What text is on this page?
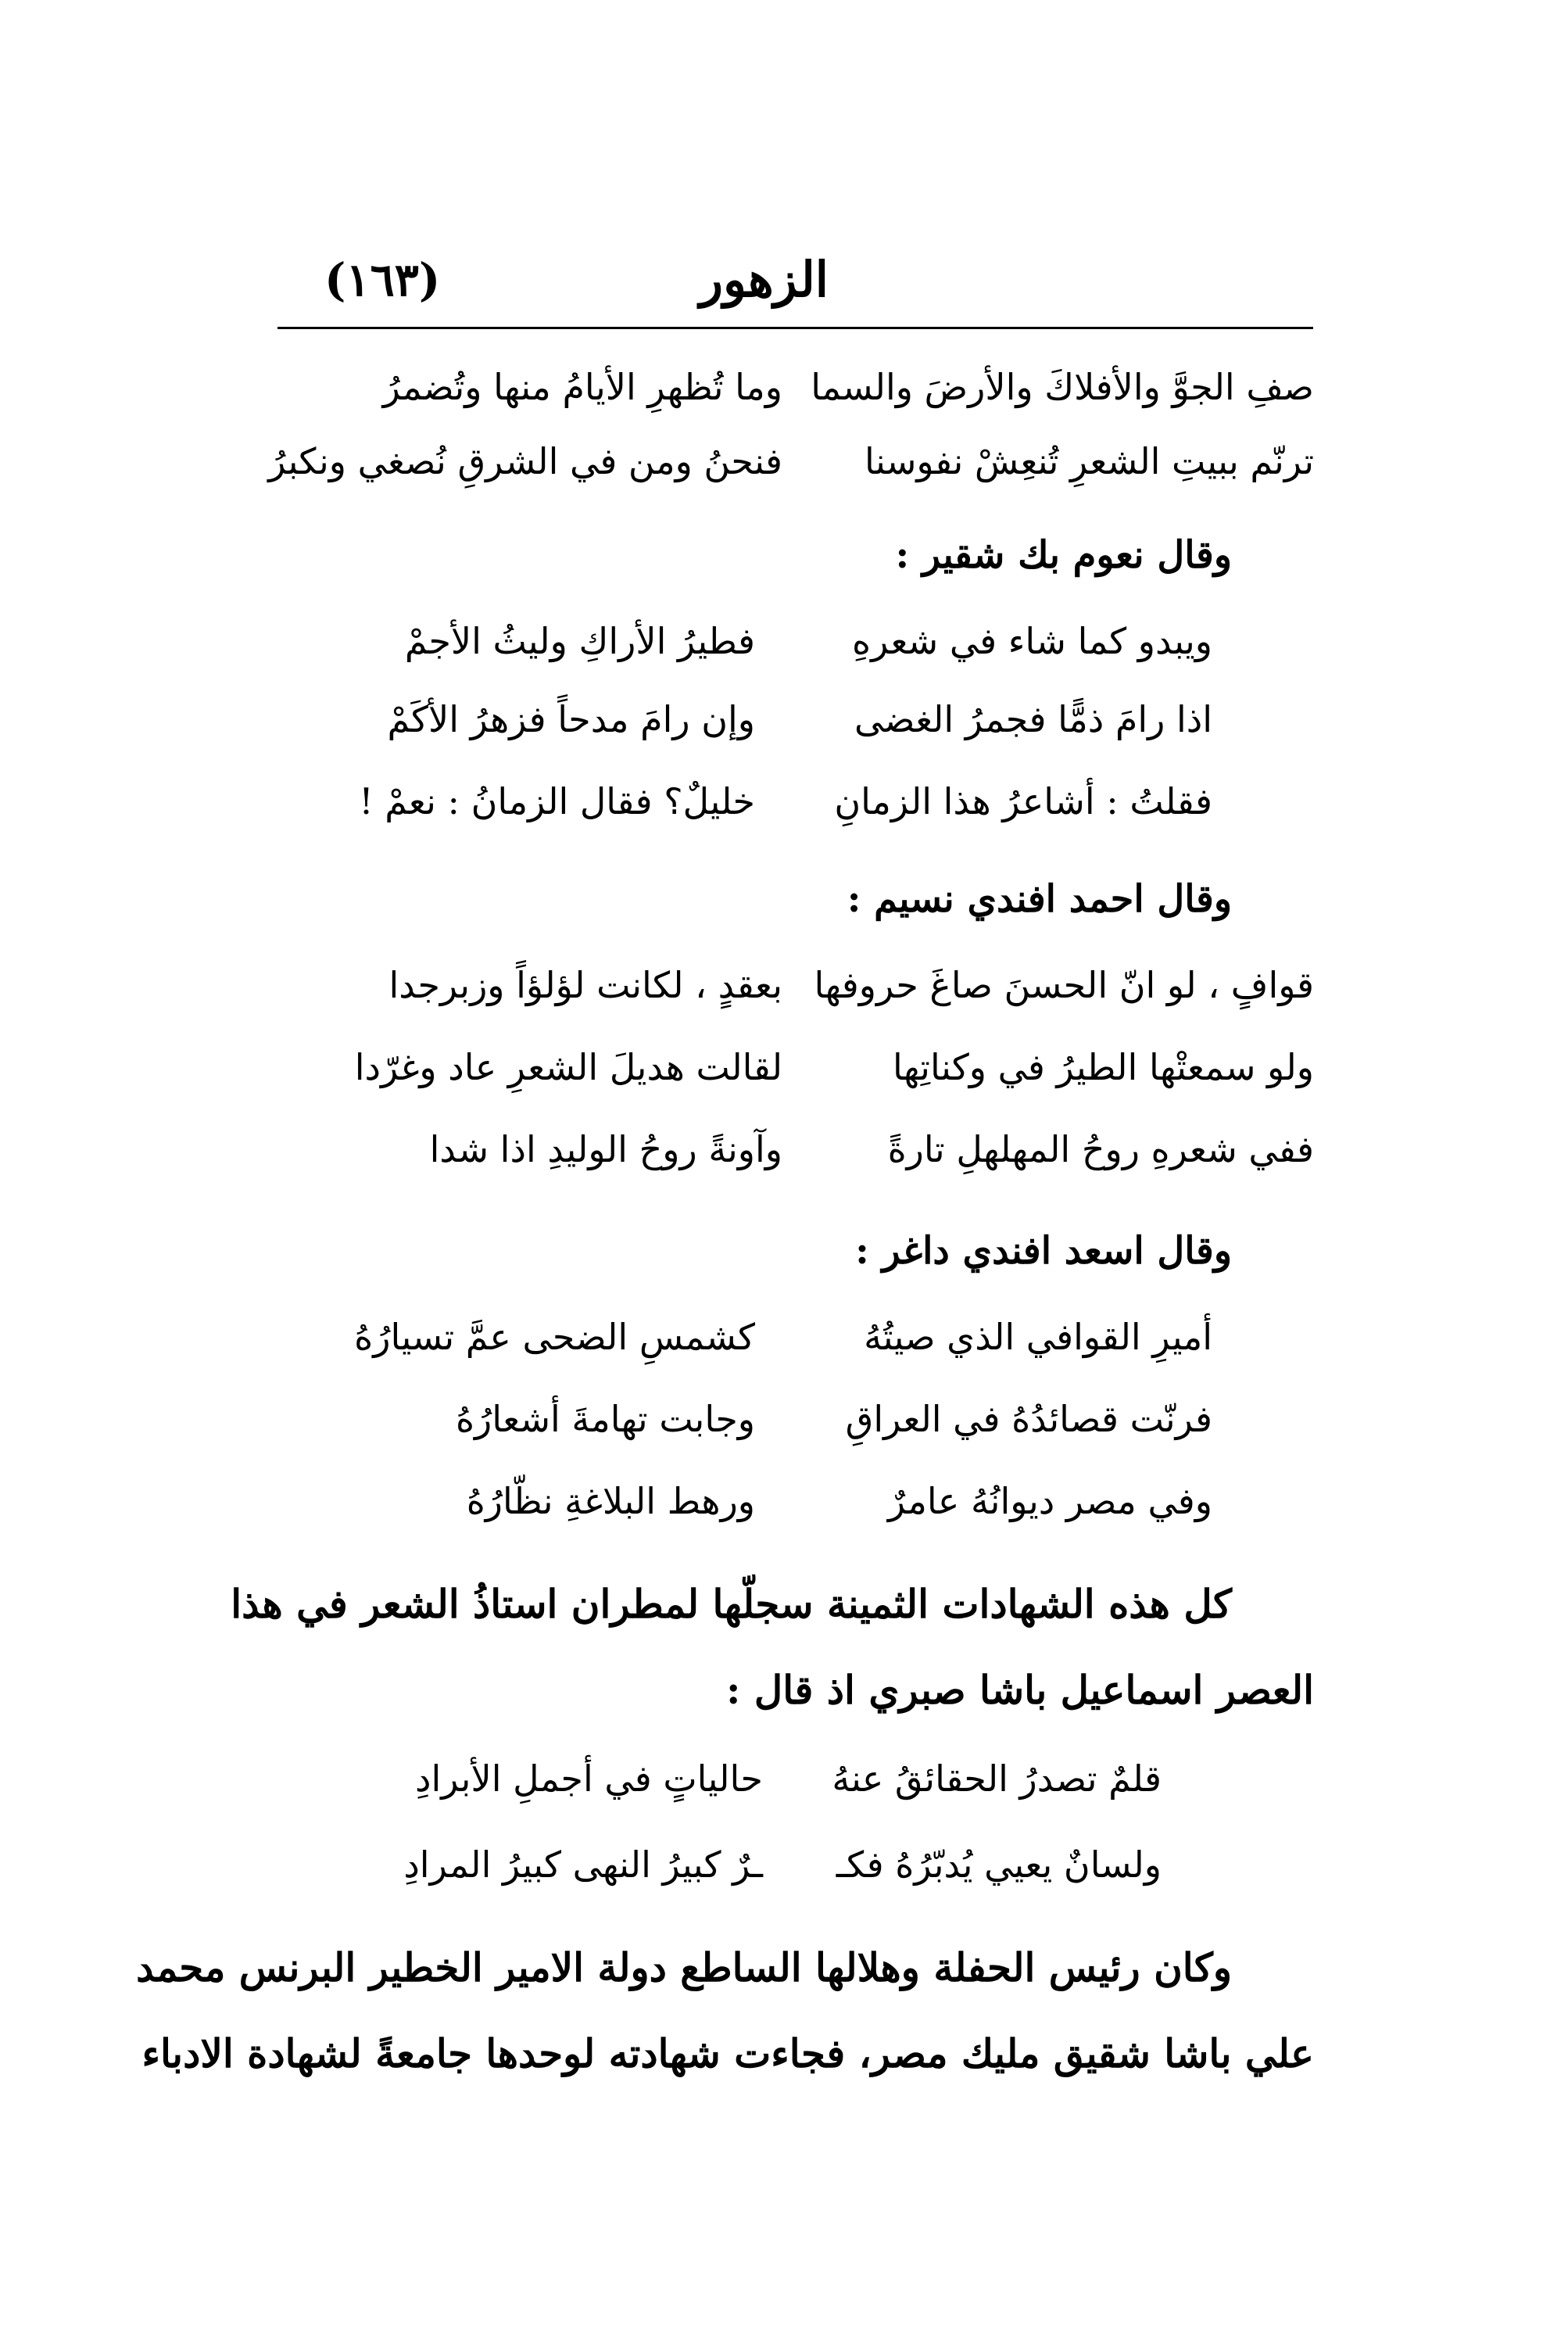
الزهور
(١٦٣)
صفِ الجوَّ والأفلاكَ والأرضَ والسما
وما تُظهرِ الأيامُ منها وتُضمرُ
ترنّم ببيتِ الشعرِ تُنعِشْ نفوسنا
فنحنُ ومن في الشرقِ نُصغي ونكبرُ
وقال نعوم بك شقير :
ويبدو كما شاء في شعرهِ
فطيرُ الأراكِ وليثُ الأجمْ
اذا رامَ ذمًّا فجمرُ الغضى
وإن رامَ مدحاً فزهرُ الأكَمْ
فقلتُ : أشاعرُ هذا الزمانِ
خليلٌ؟ فقال الزمانُ : نعمْ !
وقال احمد افندي نسيم :
قوافٍ ، لو انّ الحسنَ صاغَ حروفها
بعقدٍ ، لكانت لؤلؤاً وزبرجدا
ولو سمعتْها الطيرُ في وكناتِها
لقالت هديلَ الشعرِ عاد وغرّدا
ففي شعرهِ روحُ المهلهلِ تارةً
وآونةً روحُ الوليدِ اذا شدا
وقال اسعد افندي داغر :
أميرِ القوافي الذي صيتُهُ
كشمسِ الضحى عمَّ تسيارُهُ
فرنّت قصائدُهُ في العراقِ
وجابت تهامةَ أشعارُهُ
وفي مصر ديوانُهُ عامرٌ
ورهط البلاغةِ نظّارُهُ
كل هذه الشهادات الثمينة سجلّها لمطران استاذُ الشعر في هذا
العصر اسماعيل باشا صبري اذ قال :
قلمٌ تصدرُ الحقائقُ عنهُ
حالياتٍ في أجملِ الأبرادِ
ولسانٌ يعيي يُدبّرُهُ فكـ
ـرٌ كبيرُ النهى كبيرُ المرادِ
وكان رئيس الحفلة وهلالها الساطع دولة الامير الخطير البرنس محمد
علي باشا شقيق مليك مصر، فجاءت شهادته لوحدها جامعةً لشهادة الادباء
